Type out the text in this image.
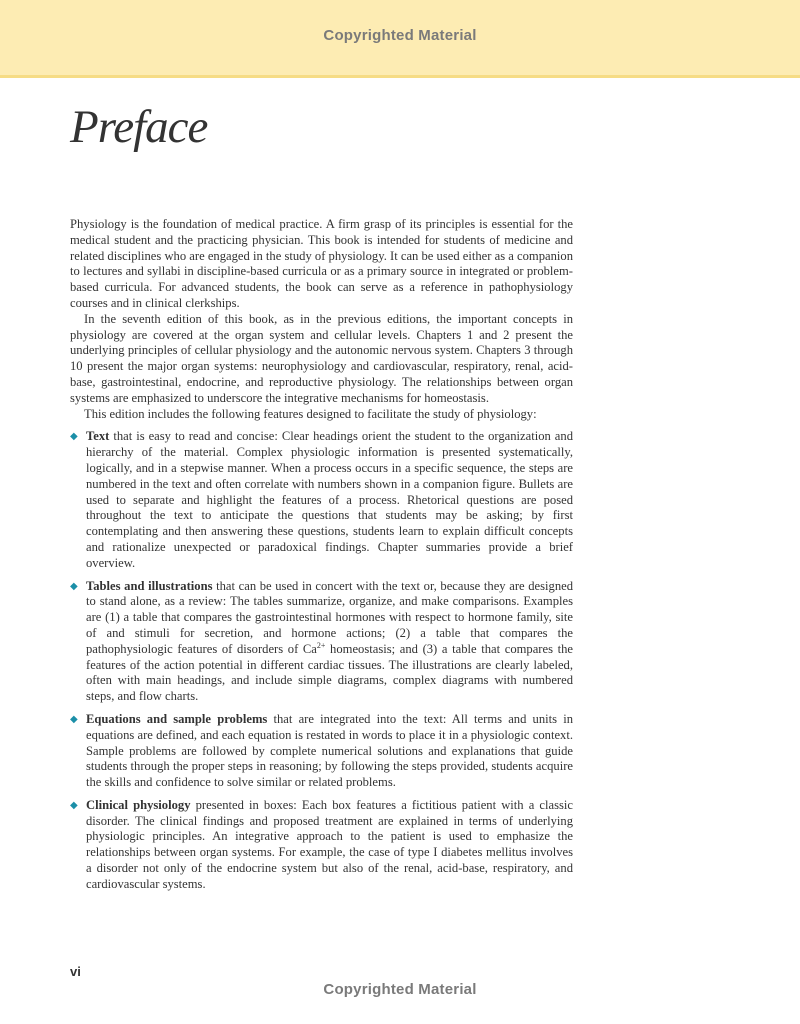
Copyrighted Material
Preface

Physiology is the foundation of medical practice. A firm grasp of its principles is essential for the medical student and the practicing physician. This book is intended for students of medicine and related disciplines who are engaged in the study of physiology. It can be used either as a companion to lectures and syllabi in discipline-based curricula or as a primary source in integrated or problem-based curricula. For advanced students, the book can serve as a reference in pathophysiology courses and in clinical clerkships.

In the seventh edition of this book, as in the previous editions, the important concepts in physiology are covered at the organ system and cellular levels. Chapters 1 and 2 present the underlying principles of cellular physiology and the autonomic nervous system. Chapters 3 through 10 present the major organ systems: neurophysiology and cardiovascular, respiratory, renal, acid-base, gastrointestinal, endocrine, and reproductive physiology. The relationships between organ systems are emphasized to underscore the integrative mechanisms for homeostasis.

This edition includes the following features designed to facilitate the study of physiology:

◆ Text that is easy to read and concise: Clear headings orient the student to the organization and hierarchy of the material. Complex physiologic information is presented systematically, logically, and in a stepwise manner. When a process occurs in a specific sequence, the steps are numbered in the text and often correlate with numbers shown in a companion figure. Bullets are used to separate and highlight the features of a process. Rhetorical questions are posed throughout the text to anticipate the questions that students may be asking; by first contemplating and then answering these questions, students learn to explain difficult concepts and rationalize unexpected or paradoxical findings. Chapter summaries provide a brief overview.
◆ Tables and illustrations that can be used in concert with the text or, because they are designed to stand alone, as a review: The tables summarize, organize, and make comparisons. Examples are (1) a table that compares the gastrointestinal hormones with respect to hormone family, site of and stimuli for secretion, and hormone actions; (2) a table that compares the pathophysiologic features of disorders of $Ca^{2+}$ homeostasis; and (3) a table that compares the features of the action potential in different cardiac tissues. The illustrations are clearly labeled, often with main headings, and include simple diagrams, complex diagrams with numbered steps, and flow charts.
◆ Equations and sample problems that are integrated into the text: All terms and units in equations are defined, and each equation is restated in words to place it in a physiologic context. Sample problems are followed by complete numerical solutions and explanations that guide students through the proper steps in reasoning; by following the steps provided, students acquire the skills and confidence to solve similar or related problems.
◆ Clinical physiology presented in boxes: Each box features a fictitious patient with a classic disorder. The clinical findings and proposed treatment are explained in terms of underlying physiologic principles. An integrative approach to the patient is used to emphasize the relationships between organ systems. For example, the case of type I diabetes mellitus involves a disorder not only of the endocrine system but also of the renal, acid-base, respiratory, and cardiovascular systems.
vi
Copyrighted Material
